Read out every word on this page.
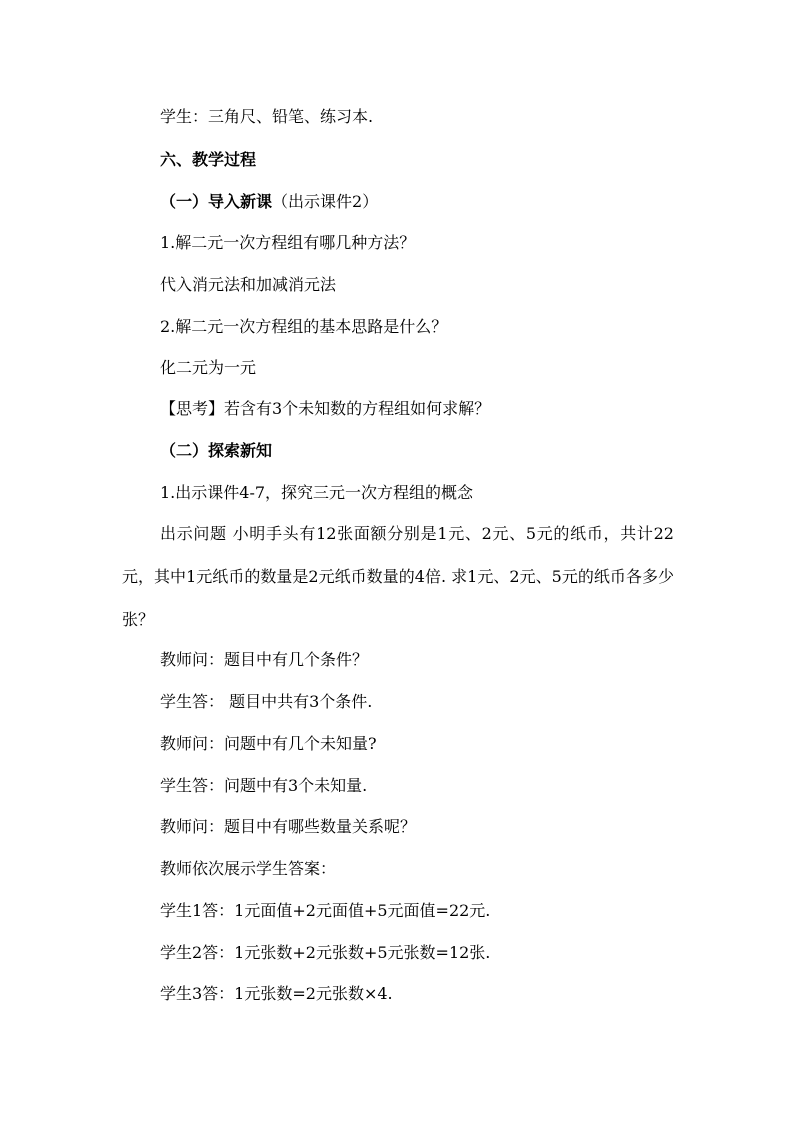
学生：三角尺、铅笔、练习本.
六、教学过程
（一）导入新课（出示课件2）
1.解二元一次方程组有哪几种方法？
代入消元法和加减消元法
2.解二元一次方程组的基本思路是什么？
化二元为一元
【思考】若含有3个未知数的方程组如何求解？
（二）探索新知
1.出示课件4-7，探究三元一次方程组的概念
出示问题 小明手头有12张面额分别是1元、2元、5元的纸币，共计22元，其中1元纸币的数量是2元纸币数量的4倍. 求1元、2元、5元的纸币各多少张？
教师问：题目中有几个条件？
学生答： 题目中共有3个条件.
教师问：问题中有几个未知量?
学生答：问题中有3个未知量.
教师问：题目中有哪些数量关系呢？
教师依次展示学生答案：
学生1答：1元面值+2元面值+5元面值=22元.
学生2答：1元张数+2元张数+5元张数=12张.
学生3答：1元张数=2元张数×4.
